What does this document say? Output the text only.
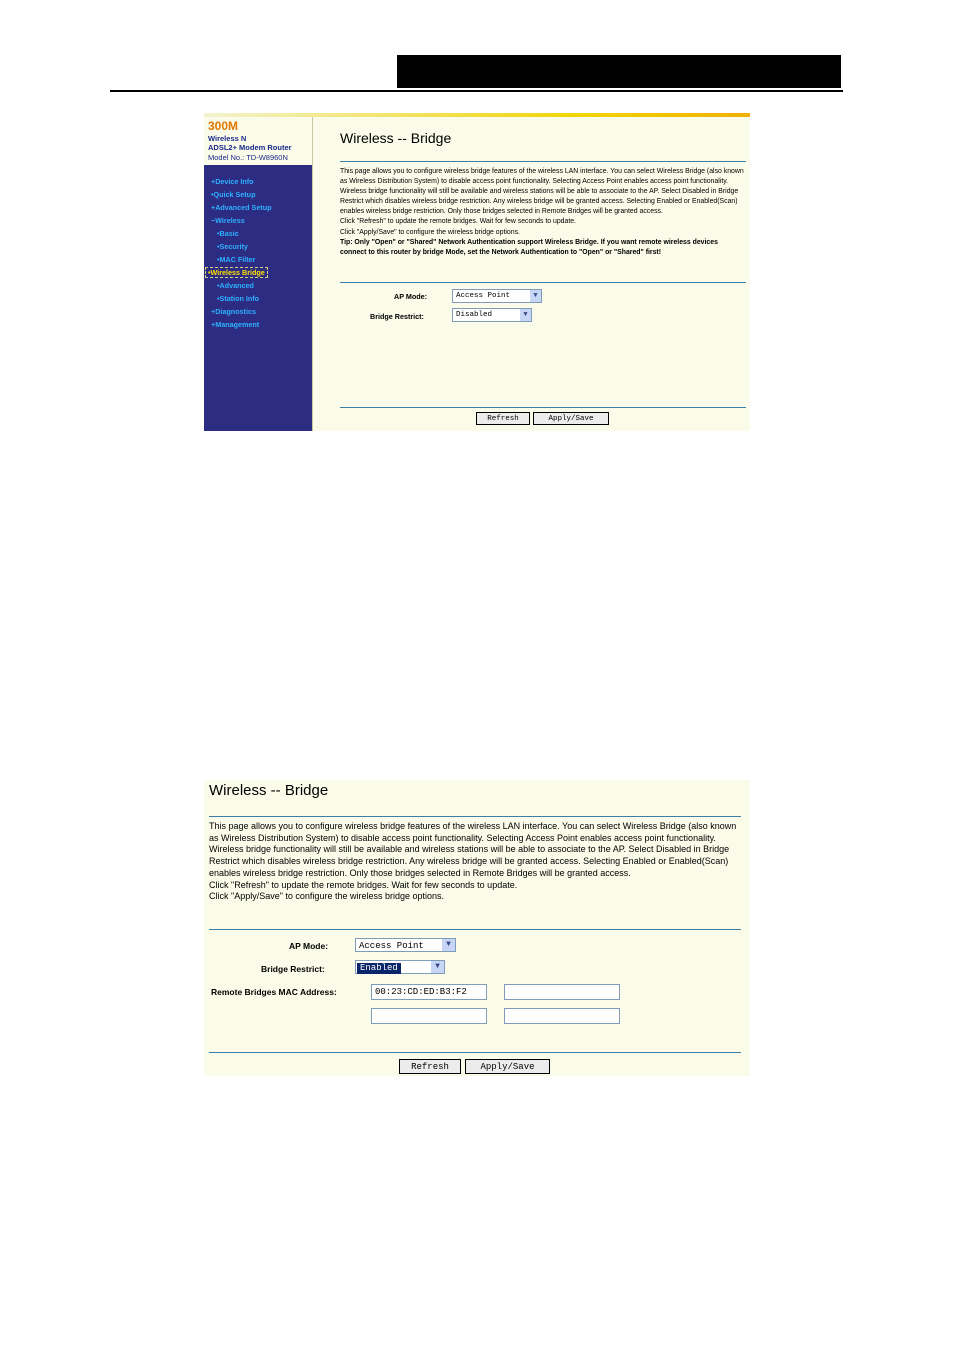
300M
Wireless N
ADSL2+ Modem Router
Model No.: TD-W8960N
+Device Info
•Quick Setup
+Advanced Setup
−Wireless
•Basic
•Security
•MAC Filter
•Wireless Bridge
•Advanced
•Station Info
+Diagnostics
+Management
Wireless -- Bridge

This page allows you to configure wireless bridge features of the wireless LAN interface. You can select Wireless Bridge (also known as Wireless Distribution System) to disable access point functionality. Selecting Access Point enables access point functionality. Wireless bridge functionality will still be available and wireless stations will be able to associate to the AP. Select Disabled in Bridge Restrict which disables wireless bridge restriction. Any wireless bridge will be granted access. Selecting Enabled or Enabled(Scan) enables wireless bridge restriction. Only those bridges selected in Remote Bridges will be granted access.

Click "Refresh" to update the remote bridges. Wait for few seconds to update.

Click "Apply/Save" to configure the wireless bridge options.

Tip: Only "Open" or "Shared" Network Authentication support Wireless Bridge. If you want remote wireless devices connect to this router by bridge Mode, set the Network Authentication to "Open" or "Shared" first!

AP Mode:	Access Point	▼
Bridge Restrict:	Disabled	▼
Refresh	Apply/Save
Wireless -- Bridge

This page allows you to configure wireless bridge features of the wireless LAN interface. You can select Wireless Bridge (also known as Wireless Distribution System) to disable access point functionality. Selecting Access Point enables access point functionality. Wireless bridge functionality will still be available and wireless stations will be able to associate to the AP. Select Disabled in Bridge Restrict which disables wireless bridge restriction. Any wireless bridge will be granted access. Selecting Enabled or Enabled(Scan) enables wireless bridge restriction. Only those bridges selected in Remote Bridges will be granted access.

Click "Refresh" to update the remote bridges. Wait for few seconds to update.

Click "Apply/Save" to configure the wireless bridge options.

AP Mode:	Access Point	▼
Bridge Restrict:	Enabled	▼
Remote Bridges MAC Address:	00:23:CD:ED:B3:F2
Refresh	Apply/Save
